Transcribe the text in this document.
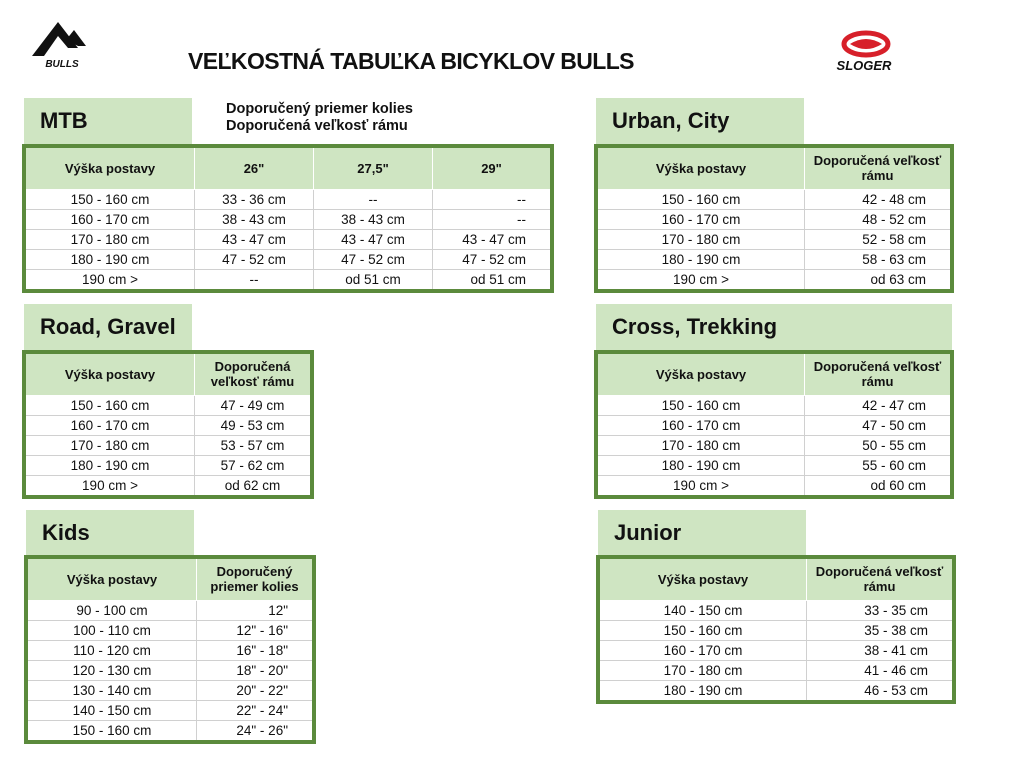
BULLS	VEĽKOSTNÁ TABUĽKA BICYKLOV BULLS	SLOGER
MTB	Doporučený priemer kolies
Doporučená veľkosť rámu
Výška postavy	26"	27,5"	29"
150 - 160 cm	33 - 36 cm	--	--
160 - 170 cm	38 - 43 cm	38 - 43 cm	--
170 - 180 cm	43 - 47 cm	43 - 47 cm	43 - 47 cm
180 - 190 cm	47 - 52 cm	47 - 52 cm	47 - 52 cm
190 cm >	--	od 51 cm	od 51 cm
Urban, City
Výška postavy	Doporučená veľkosť rámu
150 - 160 cm	42 - 48 cm
160 - 170 cm	48 - 52 cm
170 - 180 cm	52 - 58 cm
180 - 190 cm	58 - 63 cm
190 cm >	od 63 cm
Road, Gravel
Výška postavy	Doporučená veľkosť rámu
150 - 160 cm	47 - 49 cm
160 - 170 cm	49 - 53 cm
170 - 180 cm	53 - 57 cm
180 - 190 cm	57 - 62 cm
190 cm >	od 62 cm
Cross, Trekking
Výška postavy	Doporučená veľkosť rámu
150 - 160 cm	42 - 47 cm
160 - 170 cm	47 - 50 cm
170 - 180 cm	50 - 55 cm
180 - 190 cm	55 - 60 cm
190 cm >	od 60 cm
Kids
Výška postavy	Doporučený priemer kolies
90 - 100 cm	12"
100 - 110 cm	12" - 16"
110 - 120 cm	16" - 18"
120 - 130 cm	18" - 20"
130 - 140 cm	20" - 22"
140 - 150 cm	22" - 24"
150 - 160 cm	24" - 26"
Junior
Výška postavy	Doporučená veľkosť rámu
140 - 150 cm	33 - 35 cm
150 - 160 cm	35 - 38 cm
160 - 170 cm	38 - 41 cm
170 - 180 cm	41 - 46 cm
180 - 190 cm	46 - 53 cm
